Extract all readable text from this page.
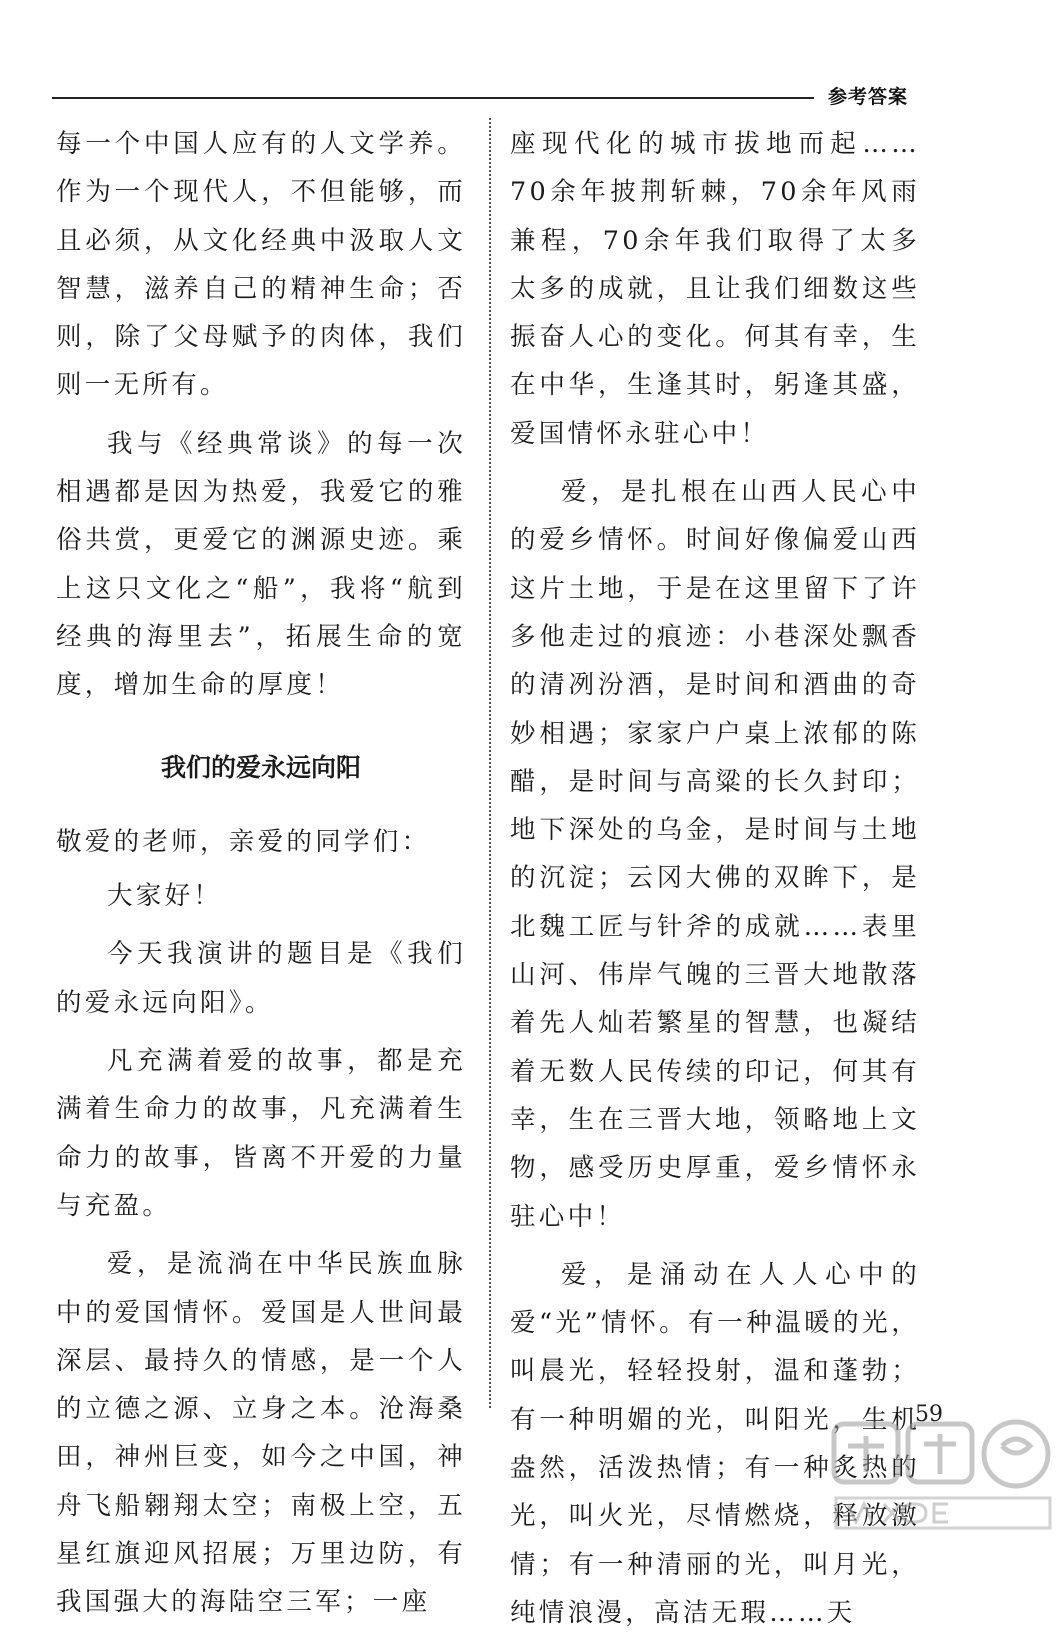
参考答案

每一个中国人应有的人文学养。作为一个现代人，不但能够，而且必须，从文化经典中汲取人文智慧，滋养自己的精神生命；否则，除了父母赋予的肉体，我们则一无所有。

我与《经典常谈》的每一次相遇都是因为热爱，我爱它的雅俗共赏，更爱它的渊源史迹。乘上这只文化之“船”，我将“航到经典的海里去”，拓展生命的宽度，增加生命的厚度！

我们的爱永远向阳

敬爱的老师，亲爱的同学们：

大家好！

今天我演讲的题目是《我们的爱永远向阳》。

凡充满着爱的故事，都是充满着生命力的故事，凡充满着生命力的故事，皆离不开爱的力量与充盈。

爱，是流淌在中华民族血脉中的爱国情怀。爱国是人世间最深层、最持久的情感，是一个人的立德之源、立身之本。沧海桑田，神州巨变，如今之中国，神舟飞船翱翔太空；南极上空，五星红旗迎风招展；万里边防，有我国强大的海陆空三军；一座

座现代化的城市拔地而起……70余年披荆斩棘，70余年风雨兼程，70余年我们取得了太多太多的成就，且让我们细数这些振奋人心的变化。何其有幸，生在中华，生逢其时，躬逢其盛，爱国情怀永驻心中！

爱，是扎根在山西人民心中的爱乡情怀。时间好像偏爱山西这片土地，于是在这里留下了许多他走过的痕迹：小巷深处飘香的清冽汾酒，是时间和酒曲的奇妙相遇；家家户户桌上浓郁的陈醋，是时间与高粱的长久封印；地下深处的乌金，是时间与土地的沉淀；云冈大佛的双眸下，是北魏工匠与针斧的成就……表里山河、伟岸气魄的三晋大地散落着先人灿若繁星的智慧，也凝结着无数人民传续的印记，何其有幸，生在三晋大地，领略地上文物，感受历史厚重，爱乡情怀永驻心中！

爱，是涌动在人人心中的爱“光”情怀。有一种温暖的光，叫晨光，轻轻投射，温和蓬勃；有一种明媚的光，叫阳光，生机盎然，活泼热情；有一种炙热的光，叫火光，尽情燃烧，释放激情；有一种清丽的光，叫月光，纯情浪漫，高洁无瑕……天

59
